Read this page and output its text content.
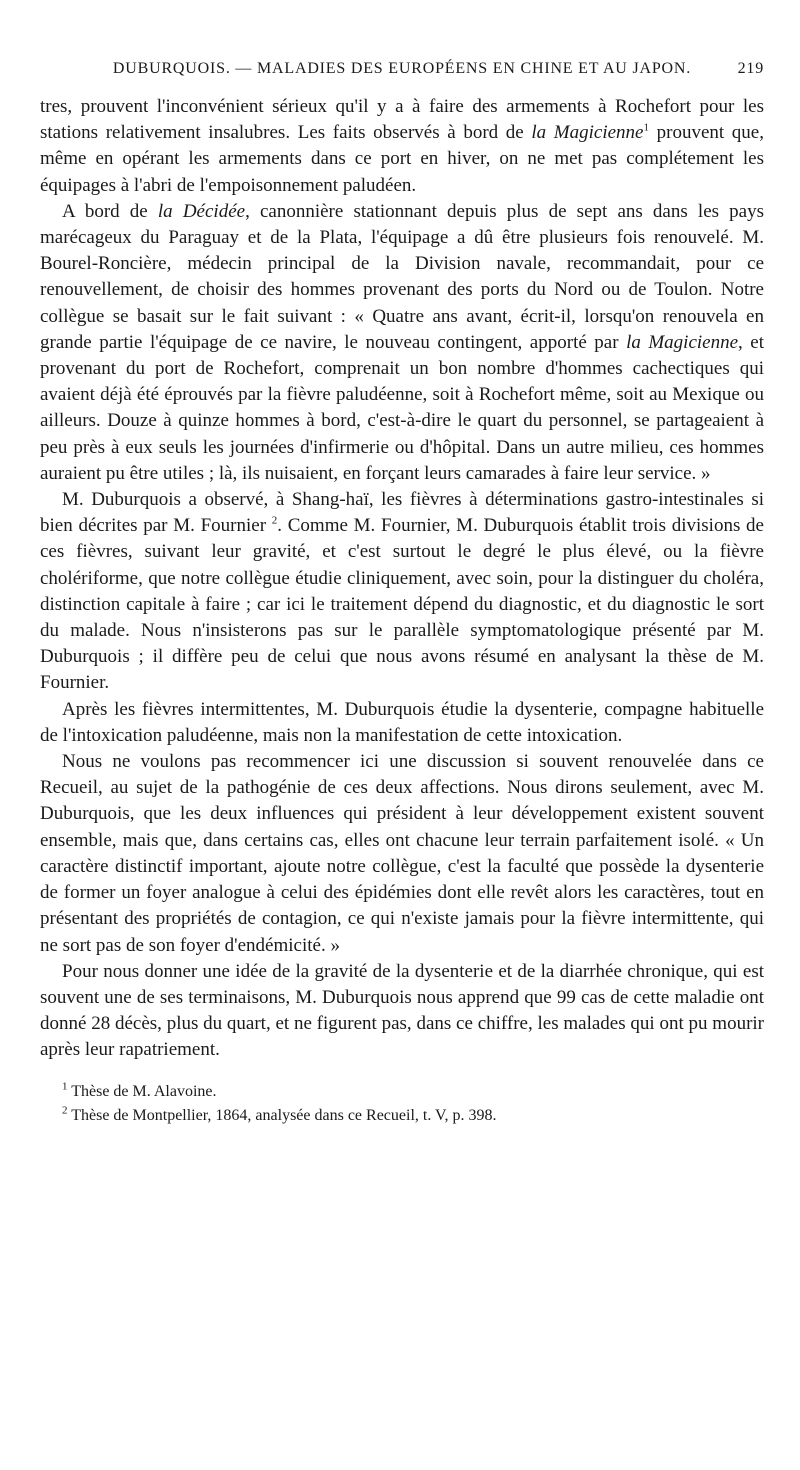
DUBURQUOIS. — MALADIES DES EUROPÉENS EN CHINE ET AU JAPON.	219

tres, prouvent l'inconvénient sérieux qu'il y a à faire des armements à Rochefort pour les stations relativement insalubres. Les faits observés à bord de la Magicienne$^1$ prouvent que, même en opérant les armements dans ce port en hiver, on ne met pas complétement les équipages à l'abri de l'empoisonnement paludéen.

A bord de la Décidée, canonnière stationnant depuis plus de sept ans dans les pays marécageux du Paraguay et de la Plata, l'équipage a dû être plusieurs fois renouvelé. M. Bourel-Roncière, médecin principal de la Division navale, recommandait, pour ce renouvellement, de choisir des hommes provenant des ports du Nord ou de Toulon. Notre collègue se basait sur le fait suivant : « Quatre ans avant, écrit-il, lorsqu'on renouvela en grande partie l'équipage de ce navire, le nouveau contingent, apporté par la Magicienne, et provenant du port de Rochefort, comprenait un bon nombre d'hommes cachectiques qui avaient déjà été éprouvés par la fièvre paludéenne, soit à Rochefort même, soit au Mexique ou ailleurs. Douze à quinze hommes à bord, c'est-à-dire le quart du personnel, se partageaient à peu près à eux seuls les journées d'infirmerie ou d'hôpital. Dans un autre milieu, ces hommes auraient pu être utiles ; là, ils nuisaient, en forçant leurs camarades à faire leur service. »

M. Duburquois a observé, à Shang-haï, les fièvres à déterminations gastro-intestinales si bien décrites par M. Fournier $^2$. Comme M. Fournier, M. Duburquois établit trois divisions de ces fièvres, suivant leur gravité, et c'est surtout le degré le plus élevé, ou la fièvre cholériforme, que notre collègue étudie cliniquement, avec soin, pour la distinguer du choléra, distinction capitale à faire ; car ici le traitement dépend du diagnostic, et du diagnostic le sort du malade. Nous n'insisterons pas sur le parallèle symptomatologique présenté par M. Duburquois ; il diffère peu de celui que nous avons résumé en analysant la thèse de M. Fournier.

Après les fièvres intermittentes, M. Duburquois étudie la dysenterie, compagne habituelle de l'intoxication paludéenne, mais non la manifestation de cette intoxication.

Nous ne voulons pas recommencer ici une discussion si souvent renouvelée dans ce Recueil, au sujet de la pathogénie de ces deux affections. Nous dirons seulement, avec M. Duburquois, que les deux influences qui président à leur développement existent souvent ensemble, mais que, dans certains cas, elles ont chacune leur terrain parfaitement isolé. « Un caractère distinctif important, ajoute notre collègue, c'est la faculté que possède la dysenterie de former un foyer analogue à celui des épidémies dont elle revêt alors les caractères, tout en présentant des propriétés de contagion, ce qui n'existe jamais pour la fièvre intermittente, qui ne sort pas de son foyer d'endémicité. »

Pour nous donner une idée de la gravité de la dysenterie et de la diarrhée chronique, qui est souvent une de ses terminaisons, M. Duburquois nous apprend que 99 cas de cette maladie ont donné 28 décès, plus du quart, et ne figurent pas, dans ce chiffre, les malades qui ont pu mourir après leur rapatriement.

$^1$ Thèse de M. Alavoine.

$^2$ Thèse de Montpellier, 1864, analysée dans ce Recueil, t. V, p. 398.
